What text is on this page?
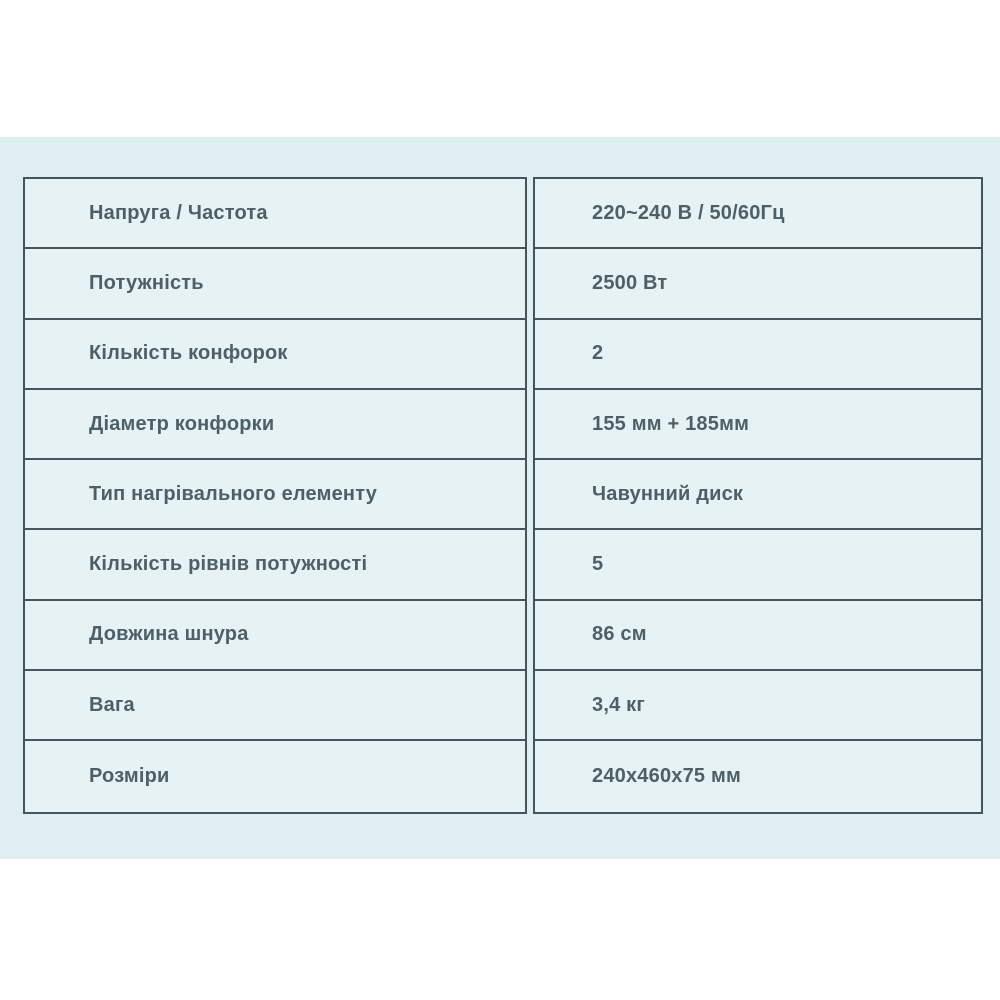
Напруга / Частота
Потужність
Кількість конфорок
Діаметр конфорки
Тип нагрівального елементу
Кількість рівнів потужності
Довжина шнура
Вага
Розміри
220~240 В / 50/60Гц
2500 Вт
2
155 мм + 185мм
Чавунний диск
5
86 см
3,4 кг
240x460x75 мм
